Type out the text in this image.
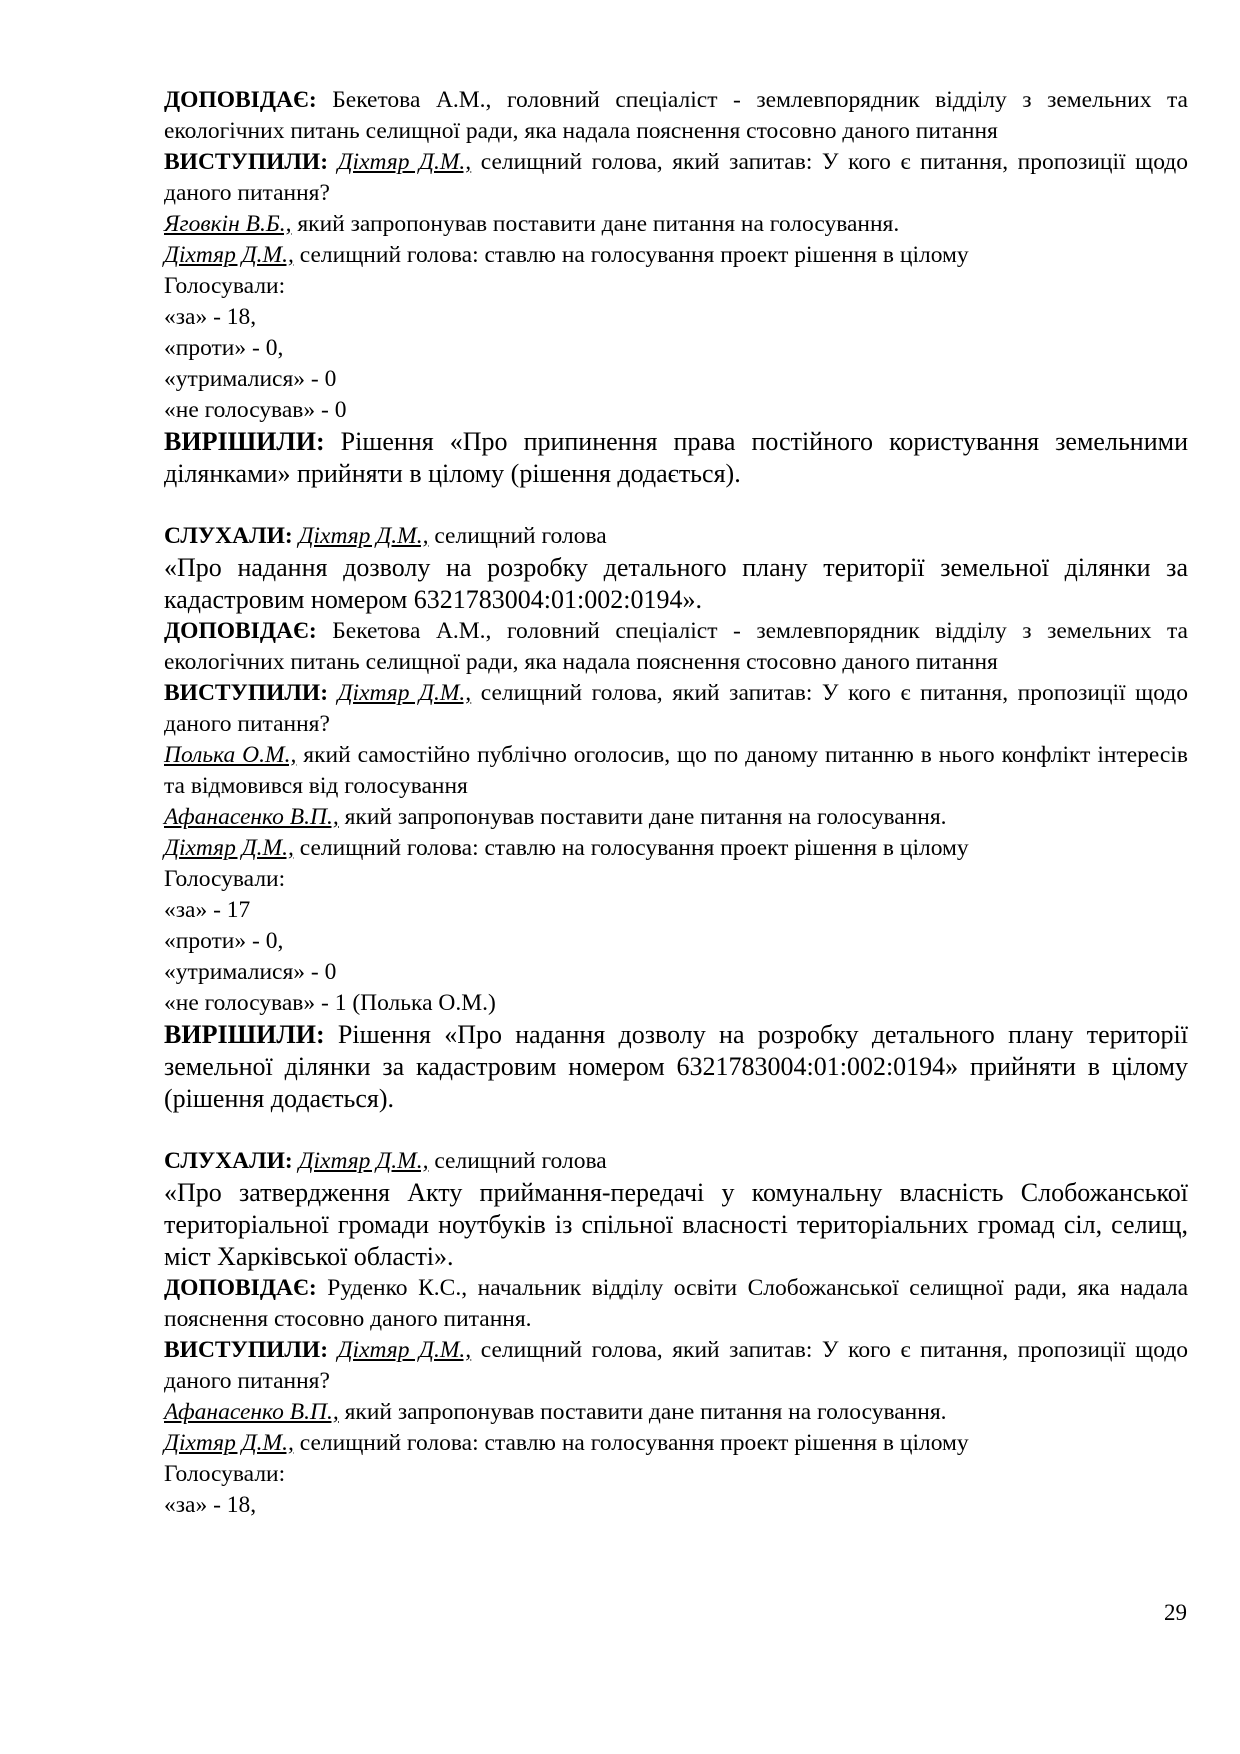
ДОПОВІДАЄ: Бекетова А.М., головний спеціаліст - землевпорядник відділу з земельних та екологічних питань селищної ради, яка надала пояснення стосовно даного питання

ВИСТУПИЛИ: Діхтяр Д.М., селищний голова, який запитав: У кого є питання, пропозиції щодо даного питання?

Яговкін В.Б., який запропонував поставити дане питання на голосування.

Діхтяр Д.М., селищний голова: ставлю на голосування проект рішення в цілому

Голосували:

«за» - 18,

«проти» - 0,

«утрималися» - 0

«не голосував» - 0

ВИРІШИЛИ: Рішення «Про припинення права постійного користування земельними ділянками» прийняти в цілому (рішення додається).

СЛУХАЛИ: Діхтяр Д.М., селищний голова

«Про надання дозволу на розробку детального плану території земельної ділянки за кадастровим номером 6321783004:01:002:0194».

ДОПОВІДАЄ: Бекетова А.М., головний спеціаліст - землевпорядник відділу з земельних та екологічних питань селищної ради, яка надала пояснення стосовно даного питання

ВИСТУПИЛИ: Діхтяр Д.М., селищний голова, який запитав: У кого є питання, пропозиції щодо даного питання?

Полька О.М., який самостійно публічно оголосив, що по даному питанню в нього конфлікт інтересів та відмовився від голосування

Афанасенко В.П., який запропонував поставити дане питання на голосування.

Діхтяр Д.М., селищний голова: ставлю на голосування проект рішення в цілому

Голосували:

«за» - 17

«проти» - 0,

«утрималися» - 0

«не голосував» - 1 (Полька О.М.)

ВИРІШИЛИ: Рішення «Про надання дозволу на розробку детального плану території земельної ділянки за кадастровим номером 6321783004:01:002:0194» прийняти в цілому (рішення додається).

СЛУХАЛИ: Діхтяр Д.М., селищний голова

«Про затвердження Акту приймання-передачі у комунальну власність Слобожанської територіальної громади ноутбуків із спільної власності територіальних громад сіл, селищ, міст Харківської області».

ДОПОВІДАЄ: Руденко К.С., начальник відділу освіти Слобожанської селищної ради, яка надала пояснення стосовно даного питання.

ВИСТУПИЛИ: Діхтяр Д.М., селищний голова, який запитав: У кого є питання, пропозиції щодо даного питання?

Афанасенко В.П., який запропонував поставити дане питання на голосування.

Діхтяр Д.М., селищний голова: ставлю на голосування проект рішення в цілому

Голосували:

«за» - 18,

29
